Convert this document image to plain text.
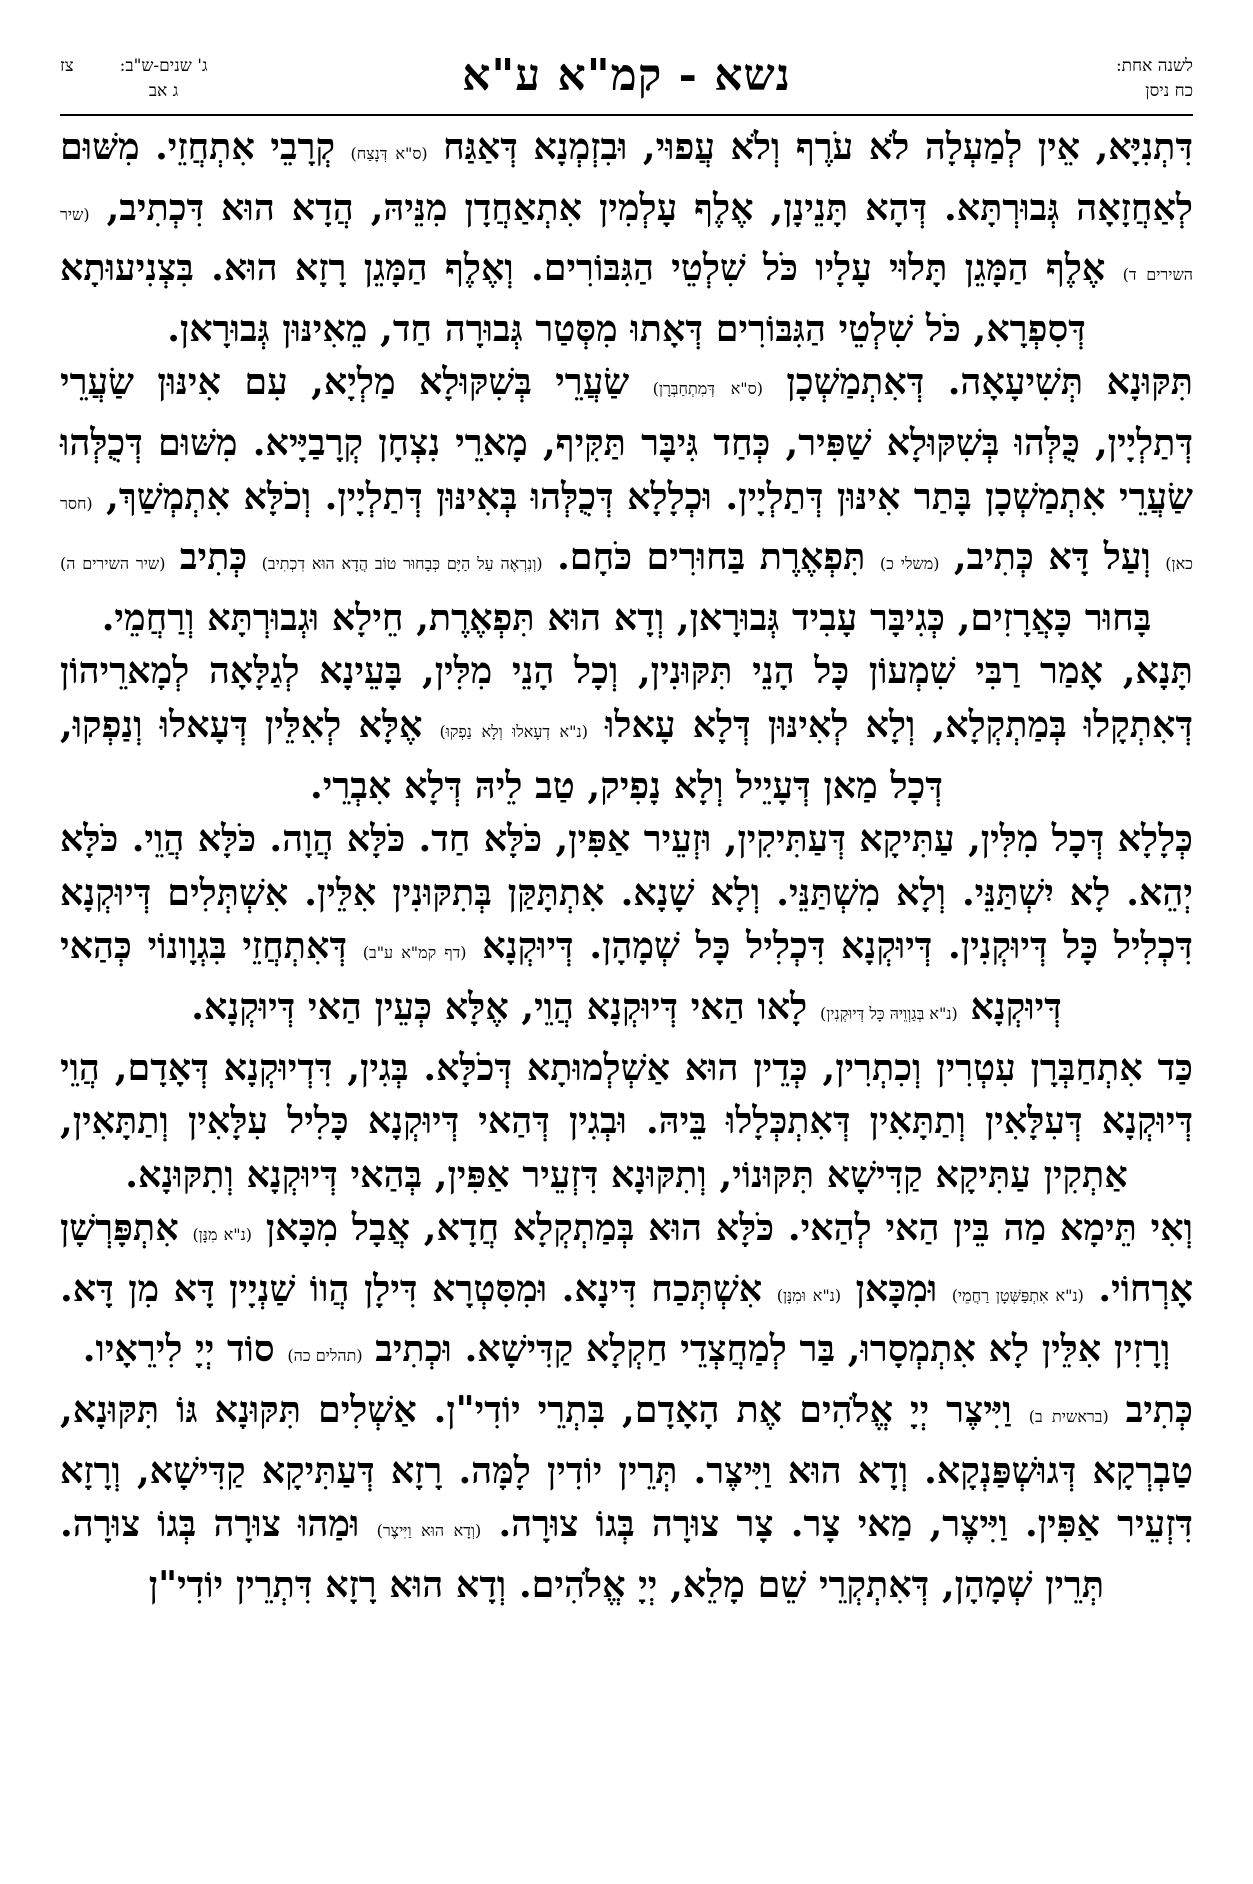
לשנה אחת:
כח ניסן
נשא - קמ"א ע"א
צז	ג' שנים-ש"ב:
ג אב

דִּתְנִיָּא, אֵין לְמַעְלָה לֹא עֹרֶף וְלֹא עֲפוּי, וּבִזְמְנָא דְּאַגַּח (ס"א דְּנָצַח) קְרָבֵי אִתְחֲזֵי. מִשּׁוּם לְאַחֲזָאָה גְּבוּרְתָּא. דְּהָא תָּנֵינָן, אֶלֶף עָלְמִין אִתְאַחֲדָן מִנֵּיהּ, הֲדָא הוּא דִּכְתִיב, (שיר השירים ד) אֶלֶף הַמָּגֵן תָּלוּי עָלָיו כֹּל שִׁלְטֵי הַגִּבּוֹרִים. וְאֶלֶף הַמָּגֵן רָזָא הוּא. בִּצְנִיעוּתָא דְּסִפְרָא, כֹּל שִׁלְטֵי הַגִּבּוֹרִים דְּאָתוּ מִסְּטַר גְּבוּרָה חַד, מֵאִינּוּן גְּבוּרָאן.

תִּקּוּנָא תְּשִׁיעָאָה. דְּאִתְמַשְׁכָן (ס"א דְּמִתְחַבְּרָן) שַׂעֲרֵי בְּשִׁקּוּלָא מַלְיָא, עִם אִינּוּן שַׂעֲרֵי דְּתַלְיָין, כֻּלְּהוּ בְּשִׁקּוּלָא שַׁפִּיר, כְּחַד גִּיבָּר תַּקִּיף, מָארֵי נִצְחָן קְרָבַיָּיא. מִשּׁוּם דְּכֻלְּהוּ שַׂעֲרֵי אִתְמַשְׁכָן בָּתַר אִינּוּן דְּתַלְיָין. וּכְלָלָא דְּכֻלְּהוּ בְּאִינּוּן דְּתַלְיָין. וְכֹלָּא אִתְמְשַׁךְ, (חסר כאן) וְעַל דָּא כְּתִיב, (משלי כ) תִּפְאֶרֶת בַּחוּרִים כֹּחָם. (וְנִרְאֶה עַל הַיָּם כְּבָחוּר טוֹב הֲדָא הוּא דִכְתִיב) כְּתִיב (שיר השירים ה) בָּחוּר כָּאֲרָזִים, כְּגִיבָּר עָבִיד גְּבוּרָאן, וְדָא הוּא תִּפְאֶרֶת, חֵילָא וּגְבוּרְתָּא וְרַחֲמֵי.

תָּנָא, אָמַר רַבִּי שִׁמְעוֹן כָּל הָנֵי תִּקּוּנִין, וְכָל הָנֵי מִלִּין, בָּעֵינָא לְגַלָּאָה לְמָארֵיהוֹן דְּאִתְקָלוּ בְּמַתְקְלָא, וְלָא לְאִינּוּן דְּלָא עָאלוּ (נ"א דְעָאלוּ וְלָא נַפְקוּ) אֶלָּא לְאִלֵּין דְּעָאלוּ וְנַפְקוּ, דְּכָל מַאן דְּעָיֵיל וְלָא נָפִיק, טַב לֵיהּ דְּלָא אִבְרֵי.

כְּלָלָא דְּכָל מִלִּין, עַתִּיקָא דְּעַתִּיקִין, וּזְעֵיר אַפִּין, כֹּלָּא חַד. כֹּלָּא הֲוָה. כֹּלָּא הֲוֵי. כֹּלָּא יְהֵא. לָא יִשְׁתַּנֵּי. וְלָא מִשְׁתַּנֵּי. וְלָא שָׁנָא. אִתְתָּקַּן בְּתִקּוּנִין אִלֵּין. אִשְׁתְּלִים דְּיוּקְנָא דִּכְלִיל כָּל דְּיוּקְנִין. דְּיוּקְנָא דִּכְלִיל כָּל שְׁמָהָן. דְּיוּקְנָא (דף קמ"א ע"ב) דְּאִתְחֲזֵי בִּגְוָונוֹי כְּהַאי דְּיוּקְנָא (נ"א בְּגַוְוֵיהּ כָּל דְּיוּקְנִין) לָאו הַאי דְּיוּקְנָא הֲוֵי, אֶלָּא כְּעֵין הַאי דְּיוּקְנָא.

כַּד אִתְחַבְּרָן עִטְרִין וְכִתְרִין, כְּדֵין הוּא אַשְׁלְמוּתָא דְּכֹלָּא. בְּגִין, דִּדְיוּקְנָא דְּאָדָם, הֲוֵי דְּיוּקְנָא דְּעִלָּאִין וְתַתָּאִין דְּאִתְכְּלָלוּ בֵּיהּ. וּבְגִין דְּהַאי דְּיוּקְנָא כָּלִיל עִלָּאִין וְתַתָּאִין, אַתְקִין עַתִּיקָא קַדִּישָׁא תִּקּוּנוֹי, וְתִקּוּנָא דִּזְעֵיר אַפִּין, בְּהַאי דְּיוּקְנָא וְתִקּוּנָא.

וְאִי תֵּימָא מַה בֵּין הַאי לְהַאי. כֹּלָּא הוּא בְּמַתְקְלָא חֲדָא, אֲבָל מִכָּאן (נ"א מִנָּן) אִתְפָּרְשָׁן אָרְחוֹי. (נ"א אִתְפַּשְּׁטָן רַחֲמֵי) וּמִכָּאן (נ"א וּמִנָּן) אִשְׁתְּכַח דִּינָא. וּמִסִּטְרָא דִּילָן הֲווֹ שַׁנְיָין דָּא מִן דָּא. וְרָזִין אִלֵּין לָא אִתְמְסָרוּ, בַּר לְמַחֲצְדֵי חַקְלָא קַדִּישָׁא. וּכְתִיב (תהלים כה) סוֹד יְיָ לִירֵאָיו.

כְּתִיב (בראשית ב) וַיִּיצֶר יְיָ אֱלֹהִים אֶת הָאָדָם, בִּתְרֵי יוֹדִי"ן. אַשְׁלִים תִּקּוּנָא גּוֹ תִּקּוּנָא, טַבְרְקָא דְּגוּשְׁפַּנְקָא. וְדָא הוּא וַיִּיצֶר. תְּרֵין יוֹדִין לָמָּה. רָזָא דְּעַתִּיקָא קַדִּישָׁא, וְרָזָא דִּזְעֵיר אַפִּין. וַיִּיצֶר, מַאי צָר. צָר צוּרָה בְּגוֹ צוּרָה. (וְדָא הוּא וַיִּיצֶר) וּמַהוּ צוּרָה בְּגוֹ צוּרָה. תְּרֵין שְׁמָהָן, דְּאִתְקְרֵי שֵׁם מָלֵא, יְיָ אֱלֹהִים. וְדָא הוּא רָזָא דִּתְרֵין יוֹדִי"ן
